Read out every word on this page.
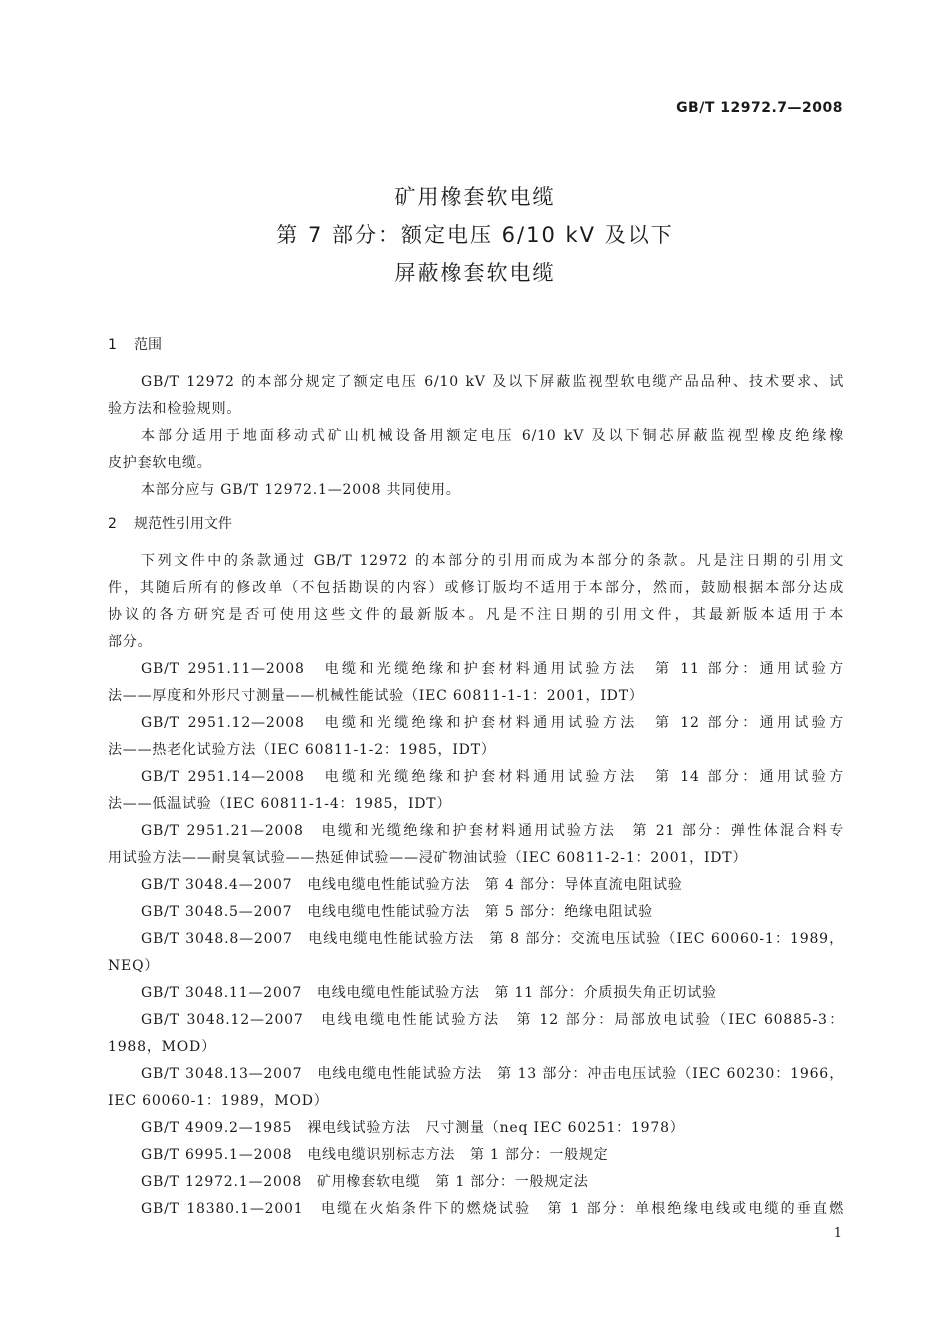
GB/T 12972.7—2008
矿用橡套软电缆
第 7 部分：额定电压 6/10 kV 及以下
屏蔽橡套软电缆
1 范围
GB/T 12972 的本部分规定了额定电压 6/10 kV 及以下屏蔽监视型软电缆产品品种、技术要求、试
验方法和检验规则。
本部分适用于地面移动式矿山机械设备用额定电压 6/10 kV 及以下铜芯屏蔽监视型橡皮绝缘橡
皮护套软电缆。
本部分应与 GB/T 12972.1—2008 共同使用。
2 规范性引用文件
下列文件中的条款通过 GB/T 12972 的本部分的引用而成为本部分的条款。凡是注日期的引用文
件，其随后所有的修改单（不包括勘误的内容）或修订版均不适用于本部分，然而，鼓励根据本部分达成
协议的各方研究是否可使用这些文件的最新版本。凡是不注日期的引用文件，其最新版本适用于本
部分。
GB/T 2951.11—2008　电缆和光缆绝缘和护套材料通用试验方法　第 11 部分：通用试验方
法——厚度和外形尺寸测量——机械性能试验（IEC 60811-1-1：2001，IDT）
GB/T 2951.12—2008　电缆和光缆绝缘和护套材料通用试验方法　第 12 部分：通用试验方
法——热老化试验方法（IEC 60811-1-2：1985，IDT）
GB/T 2951.14—2008　电缆和光缆绝缘和护套材料通用试验方法　第 14 部分：通用试验方
法——低温试验（IEC 60811-1-4：1985，IDT）
GB/T 2951.21—2008　电缆和光缆绝缘和护套材料通用试验方法　第 21 部分：弹性体混合料专
用试验方法——耐臭氧试验——热延伸试验——浸矿物油试验（IEC 60811-2-1：2001，IDT）
GB/T 3048.4—2007　电线电缆电性能试验方法　第 4 部分：导体直流电阻试验
GB/T 3048.5—2007　电线电缆电性能试验方法　第 5 部分：绝缘电阻试验
GB/T 3048.8—2007　电线电缆电性能试验方法　第 8 部分：交流电压试验（IEC 60060-1：1989，
NEQ）
GB/T 3048.11—2007　电线电缆电性能试验方法　第 11 部分：介质损失角正切试验
GB/T 3048.12—2007　电线电缆电性能试验方法　第 12 部分：局部放电试验（IEC 60885-3：
1988，MOD）
GB/T 3048.13—2007　电线电缆电性能试验方法　第 13 部分：冲击电压试验（IEC 60230：1966，
IEC 60060-1：1989，MOD）
GB/T 4909.2—1985　裸电线试验方法　尺寸测量（neq IEC 60251：1978）
GB/T 6995.1—2008　电线电缆识别标志方法　第 1 部分：一般规定
GB/T 12972.1—2008　矿用橡套软电缆　第 1 部分：一般规定法
GB/T 18380.1—2001　电缆在火焰条件下的燃烧试验　第 1 部分：单根绝缘电线或电缆的垂直燃
1
